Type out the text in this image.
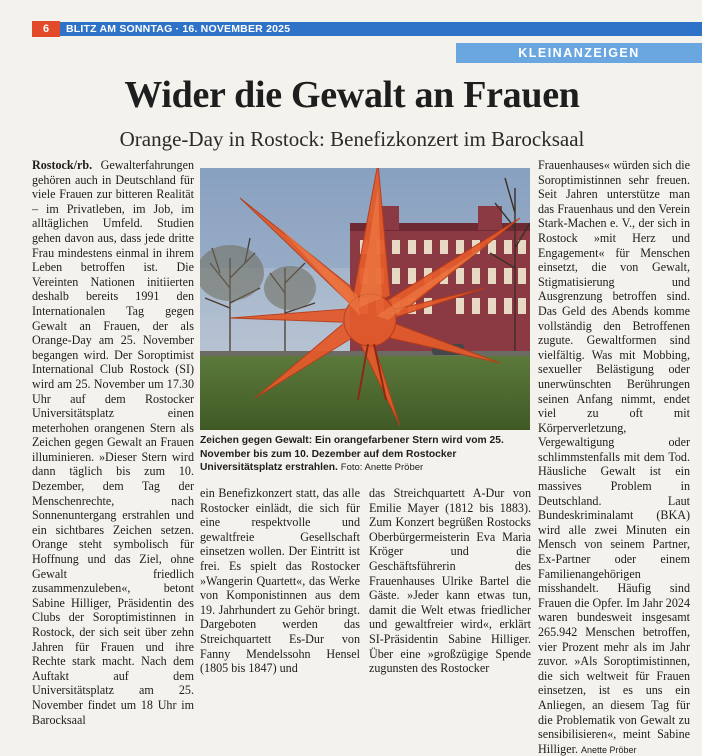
6	BLITZ AM SONNTAG · 16. NOVEMBER 2025
KLEINANZEIGEN
Wider die Gewalt an Frauen
Orange-Day in Rostock: Benefizkonzert im Barocksaal

Rostock/rb. Gewalterfahrungen gehören auch in Deutschland für viele Frauen zur bitteren Realität – im Privatleben, im Job, im alltäglichen Umfeld. Studien gehen davon aus, dass jede dritte Frau mindestens einmal in ihrem Leben betroffen ist. Die Vereinten Nationen initiierten deshalb bereits 1991 den Internationalen Tag gegen Gewalt an Frauen, der als Orange-Day am 25. November begangen wird. Der Soroptimist International Club Rostock (SI) wird am 25. November um 17.30 Uhr auf dem Rostocker Universitätsplatz einen meterhohen orangenen Stern als Zeichen gegen Gewalt an Frauen illuminieren. »Dieser Stern wird dann täglich bis zum 10. Dezember, dem Tag der Menschenrechte, nach Sonnenuntergang erstrahlen und ein sichtbares Zeichen setzen. Orange steht symbolisch für Hoffnung und das Ziel, ohne Gewalt friedlich zusammenzuleben«, betont Sabine Hilliger, Präsidentin des Clubs der Soroptimistinnen in Rostock, der sich seit über zehn Jahren für Frauen und ihre Rechte stark macht. Nach dem Auftakt auf dem Universitätsplatz am 25. November findet um 18 Uhr im Barocksaal

Zeichen gegen Gewalt: Ein orangefarbener Stern wird vom 25. November bis zum 10. Dezember auf dem Rostocker Universitätsplatz erstrahlen. Foto: Anette Pröber

ein Benefizkonzert statt, das alle Rostocker einlädt, die sich für eine respektvolle und gewaltfreie Gesellschaft einsetzen wollen. Der Eintritt ist frei. Es spielt das Rostocker »Wangerin Quartett«, das Werke von Komponistinnen aus dem 19. Jahrhundert zu Gehör bringt. Dargeboten werden das Streichquartett Es-Dur von Fanny Mendelssohn Hensel (1805 bis 1847) und

das Streichquartett A-Dur von Emilie Mayer (1812 bis 1883). Zum Konzert begrüßen Rostocks Oberbürgermeisterin Eva Maria Kröger und die Geschäftsführerin des Frauenhauses Ulrike Bartel die Gäste. »Jeder kann etwas tun, damit die Welt etwas friedlicher und gewaltfreier wird«, erklärt SI-Präsidentin Sabine Hilliger. Über eine »großzügige Spende zugunsten des Rostocker

Frauenhauses« würden sich die Soroptimistinnen sehr freuen. Seit Jahren unterstütze man das Frauenhaus und den Verein Stark-Machen e. V., der sich in Rostock »mit Herz und Engagement« für Menschen einsetzt, die von Gewalt, Stigmatisierung und Ausgrenzung betroffen sind. Das Geld des Abends komme vollständig den Betroffenen zugute. Gewaltformen sind vielfältig. Was mit Mobbing, sexueller Belästigung oder unerwünschten Berührungen seinen Anfang nimmt, endet viel zu oft mit Körperverletzung, Vergewaltigung oder schlimmstenfalls mit dem Tod. Häusliche Gewalt ist ein massives Problem in Deutschland. Laut Bundeskriminalamt (BKA) wird alle zwei Minuten ein Mensch von seinem Partner, Ex-Partner oder einem Familienangehörigen misshandelt. Häufig sind Frauen die Opfer. Im Jahr 2024 waren bundesweit insgesamt 265.942 Menschen betroffen, vier Prozent mehr als im Jahr zuvor. »Als Soroptimistinnen, die sich weltweit für Frauen einsetzen, ist es uns ein Anliegen, an diesem Tag für die Problematik von Gewalt zu sensibilisieren«, meint Sabine Hilliger. Anette Pröber
